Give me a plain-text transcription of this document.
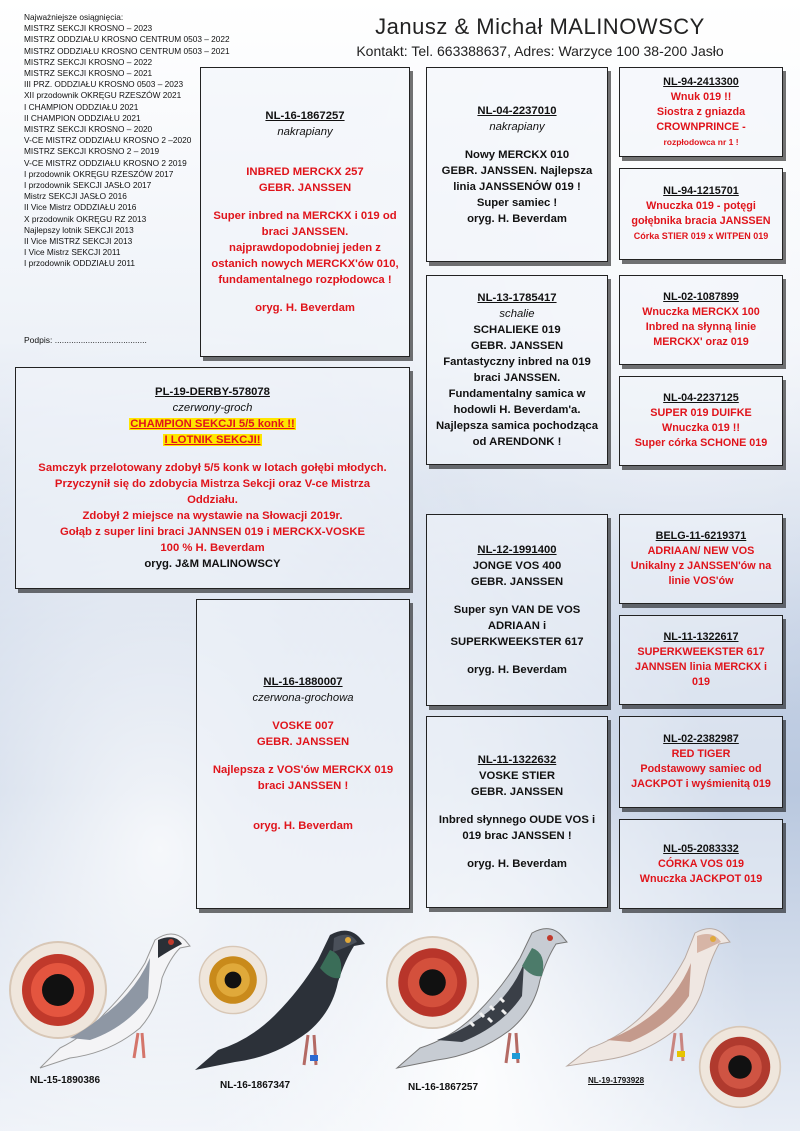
Janusz & Michał MALINOWSCY
Kontakt: Tel. 663388637, Adres: Warzyce 100 38-200 Jasło
Najważniejsze osiągnięcia:
MISTRZ SEKCJI KROSNO – 2023
MISTRZ ODDZIAŁU KROSNO CENTRUM 0503 – 2022
MISTRZ ODDZIAŁU KROSNO CENTRUM 0503 – 2021
MISTRZ SEKCJI KROSNO – 2022
MISTRZ SEKCJI KROSNO – 2021
III PRZ. ODDZIAŁU KROSNO 0503 – 2023
XII przodownik OKRĘGU RZESZÓW 2021
I CHAMPION ODDZIAŁU 2021
II CHAMPION ODDZIAŁU 2021
MISTRZ SEKCJI KROSNO – 2020
V-CE MISTRZ ODDZIAŁU KROSNO 2 –2020
MISTRZ SEKCJI KROSNO 2 – 2019
V-CE MISTRZ ODDZIAŁU KROSNO 2 2019
I przodownik OKRĘGU RZESZÓW 2017
I przodownik SEKCJI JASŁO 2017
Mistrz SEKCJI JASŁO 2016
II Vice Mistrz ODDZIAŁU 2016
X przodownik OKRĘGU RZ 2013
Najlepszy lotnik SEKCJI 2013
II Vice MISTRZ SEKCJI 2013
I Vice Mistrz SEKCJI 2011
I przodownik ODDZIAŁU 2011
Podpis: .......................................
NL-16-1867257
nakrapiany
INBRED MERCKX 257
GEBR. JANSSEN
Super inbred na MERCKX i 019 od braci JANSSEN. najprawdopodobniej jeden z ostanich nowych MERCKX'ów 010, fundamentalnego rozpłodowca !
oryg. H. Beverdam
NL-04-2237010
nakrapiany
Nowy MERCKX 010
GEBR. JANSSEN. Najlepsza linia JANSSENÓW 019 !
Super samiec !
oryg. H. Beverdam
NL-13-1785417
schalie
SCHALIEKE 019
GEBR. JANSSEN
Fantastyczny inbred na 019 braci JANSSEN. Fundamentalny samica w hodowli H. Beverdam'a. Najlepsza samica pochodząca od ARENDONK !
PL-19-DERBY-578078
czerwony-groch
CHAMPION SEKCJI 5/5 konk !!
I LOTNIK SEKCJI!
Samczyk przelotowany zdobył 5/5 konk w lotach gołębi młodych. Przyczynił się do zdobycia Mistrza Sekcji oraz V-ce Mistrza Oddziału.
Zdobył 2 miejsce na wystawie na Słowacji 2019r.
Gołąb z super lini braci JANNSEN 019 i MERCKX-VOSKE
100 % H. Beverdam
oryg. J&M MALINOWSCY
NL-16-1880007
czerwona-grochowa
VOSKE 007
GEBR. JANSSEN
Najlepsza z VOS'ów MERCKX 019 braci JANSSEN !
oryg. H. Beverdam
NL-12-1991400
JONGE VOS 400
GEBR. JANSSEN
Super syn VAN DE VOS ADRIAAN i SUPERKWEEKSTER 617
oryg. H. Beverdam
NL-11-1322632
VOSKE STIER
GEBR. JANSSEN
Inbred słynnego OUDE VOS i 019 brac JANSSEN !
oryg. H. Beverdam
NL-94-2413300
Wnuk 019 !!
Siostra z gniazda CROWNPRINCE -
rozpłodowca nr 1 !
NL-94-1215701
Wnuczka 019 - potęgi gołębnika bracia JANSSEN
Córka STIER 019 x WITPEN 019
NL-02-1087899
Wnuczka MERCKX 100 Inbred na słynną linie MERCKX' oraz 019
NL-04-2237125
SUPER 019 DUIFKE
Wnuczka 019 !!
Super córka SCHONE 019
BELG-11-6219371
ADRIAAN/ NEW VOS
Unikalny z JANSSEN'ów na linie VOS'ów
NL-11-1322617
SUPERKWEEKSTER 617
JANNSEN linia MERCKX i 019
NL-02-2382987
RED TIGER
Podstawowy samiec od JACKPOT i wyśmienitą 019
NL-05-2083332
CÓRKA VOS 019
Wnuczka JACKPOT 019
NL-15-1890386	NL-16-1867347	NL-16-1867257
NL-19-1793928
